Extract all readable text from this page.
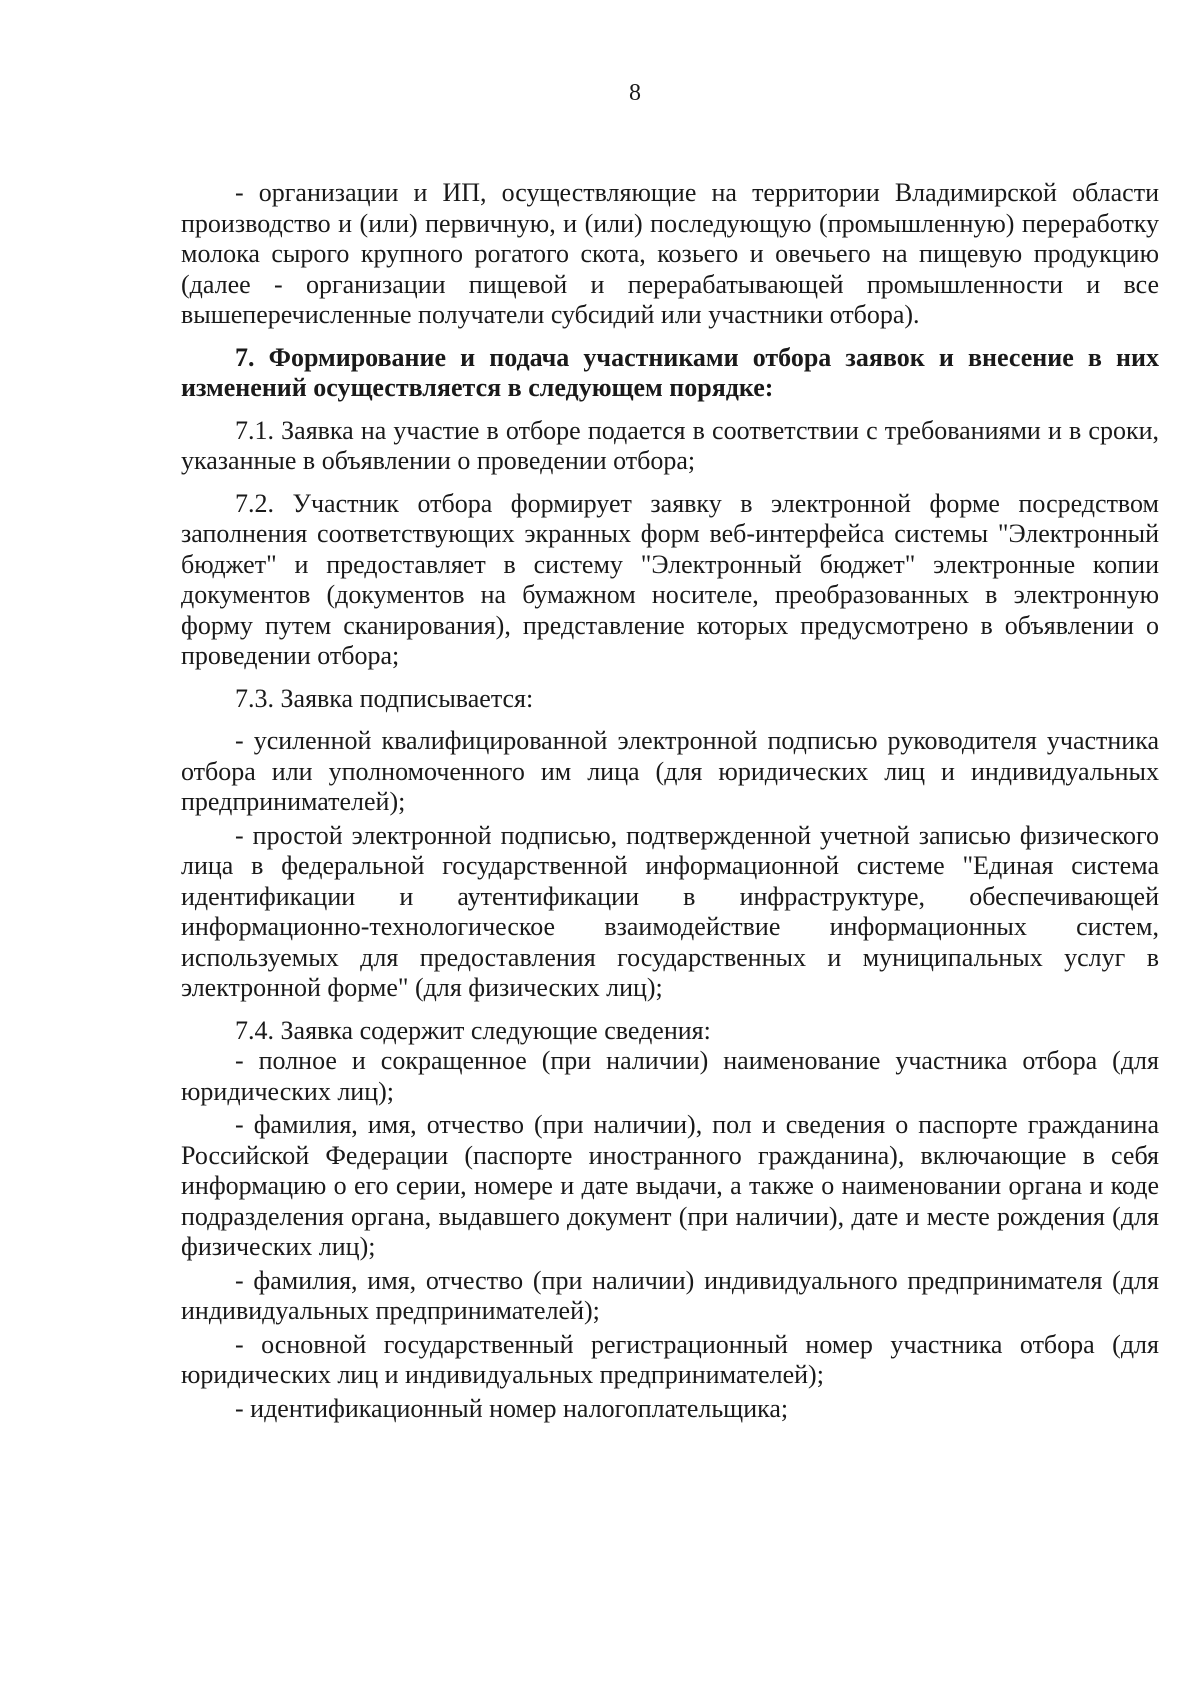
8

- организации и ИП, осуществляющие на территории Владимирской области производство и (или) первичную, и (или) последующую (промышленную) переработку молока сырого крупного рогатого скота, козьего и овечьего на пищевую продукцию (далее - организации пищевой и перерабатывающей промышленности и все вышеперечисленные получатели субсидий или участники отбора).

7. Формирование и подача участниками отбора заявок и внесение в них изменений осуществляется в следующем порядке:

7.1. Заявка на участие в отборе подается в соответствии с требованиями и в сроки, указанные в объявлении о проведении отбора;

7.2. Участник отбора формирует заявку в электронной форме посредством заполнения соответствующих экранных форм веб-интерфейса системы "Электронный бюджет" и предоставляет в систему "Электронный бюджет" электронные копии документов (документов на бумажном носителе, преобразованных в электронную форму путем сканирования), представление которых предусмотрено в объявлении о проведении отбора;

7.3. Заявка подписывается:

- усиленной квалифицированной электронной подписью руководителя участника отбора или уполномоченного им лица (для юридических лиц и индивидуальных предпринимателей);

- простой электронной подписью, подтвержденной учетной записью физического лица в федеральной государственной информационной системе "Единая система идентификации и аутентификации в инфраструктуре, обеспечивающей информационно-технологическое взаимодействие информационных систем, используемых для предоставления государственных и муниципальных услуг в электронной форме" (для физических лиц);

7.4. Заявка содержит следующие сведения:

- полное и сокращенное (при наличии) наименование участника отбора (для юридических лиц);

- фамилия, имя, отчество (при наличии), пол и сведения о паспорте гражданина Российской Федерации (паспорте иностранного гражданина), включающие в себя информацию о его серии, номере и дате выдачи, а также о наименовании органа и коде подразделения органа, выдавшего документ (при наличии), дате и месте рождения (для физических лиц);

- фамилия, имя, отчество (при наличии) индивидуального предпринимателя (для индивидуальных предпринимателей);

- основной государственный регистрационный номер участника отбора (для юридических лиц и индивидуальных предпринимателей);

- идентификационный номер налогоплательщика;
